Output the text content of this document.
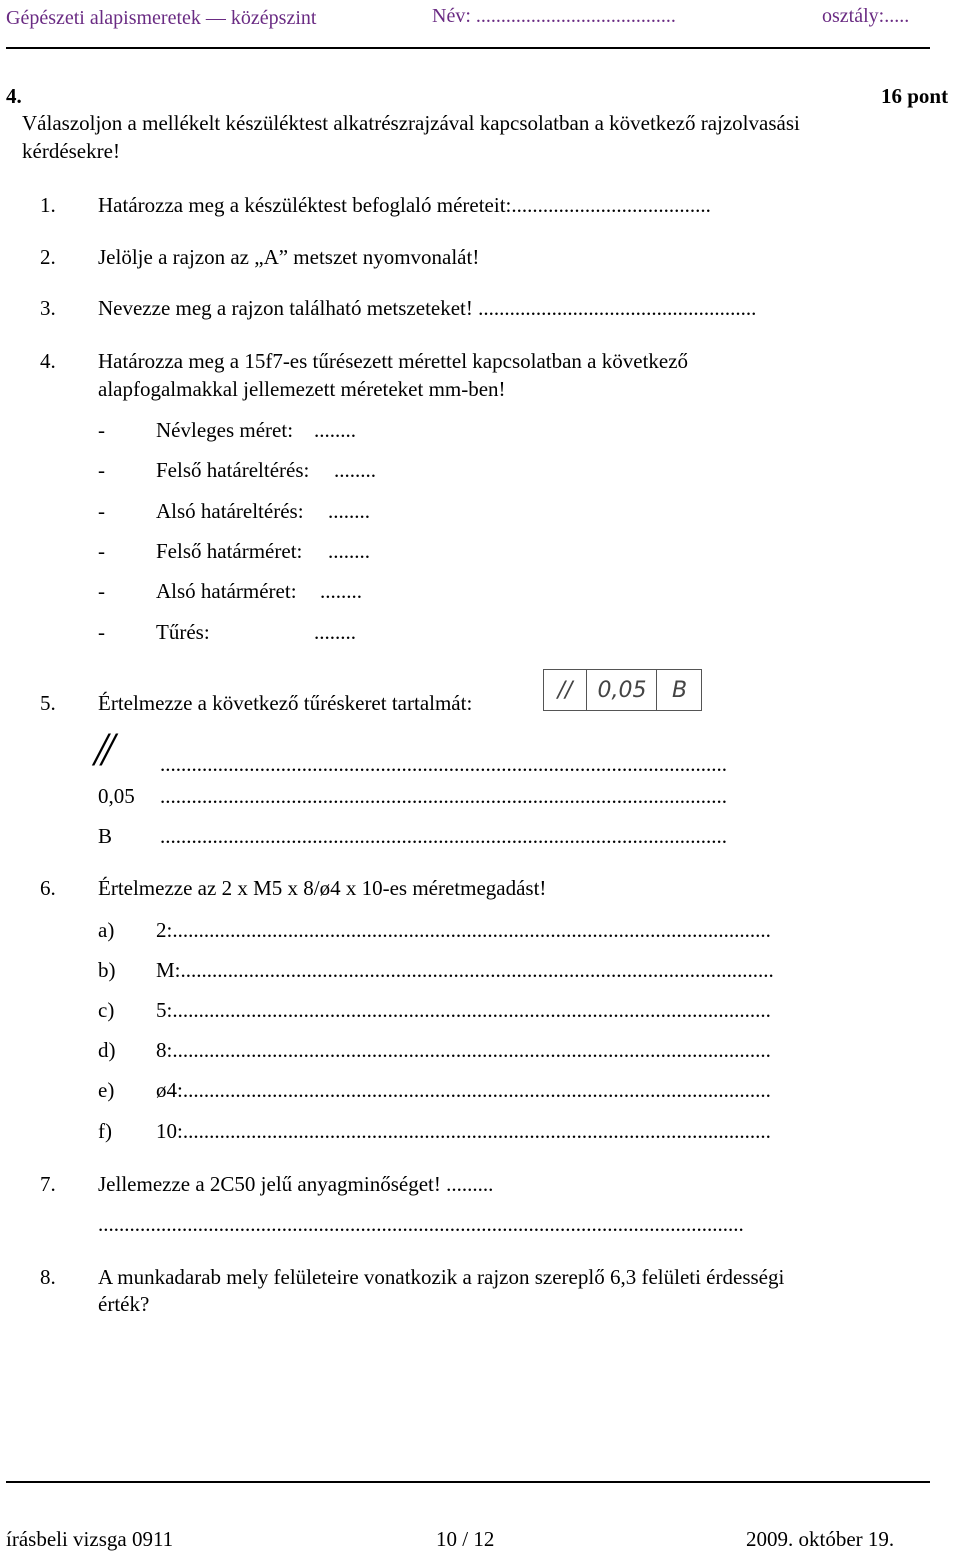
Gépészeti alapismeretek — középszint	Név: ........................................	osztály:.....
4.	16 pont
Válaszoljon a mellékelt készüléktest alkatrészrajzával kapcsolatban a következő rajzolvasási
kérdésekre!
1. Határozza meg a készüléktest befoglaló méreteit:......................................
2. Jelölje a rajzon az „A” metszet nyomvonalát!
3. Nevezze meg a rajzon található metszeteket! .....................................................
4. Határozza meg a 15f7-es tűrésezett mérettel kapcsolatban a következő
alapfogalmakkal jellemezett méreteket mm-ben!
- Névleges méret: ........
- Felső határeltérés: ........
- Alsó határeltérés: ........
- Felső határméret: ........
- Alsó határméret: ........
- Tűrés:	........
5. Értelmezze a következő tűréskeret tartalmát:
//	0,05	B
// ............................................................................................................
0,05 ............................................................................................................
B ............................................................................................................
6. Értelmezze az 2 x M5 x 8/ø4 x 10-es méretmegadást!
a) 2:..................................................................................................................
b) M:.................................................................................................................
c) 5:..................................................................................................................
d) 8:..................................................................................................................
e) ø4:................................................................................................................
f) 10:................................................................................................................
7. Jellemezze a 2C50 jelű anyagminőséget! .........
...........................................................................................................................
8. A munkadarab mely felületeire vonatkozik a rajzon szereplő 6,3 felületi érdességi
érték?
írásbeli vizsga 0911	10 / 12	2009. október 19.
